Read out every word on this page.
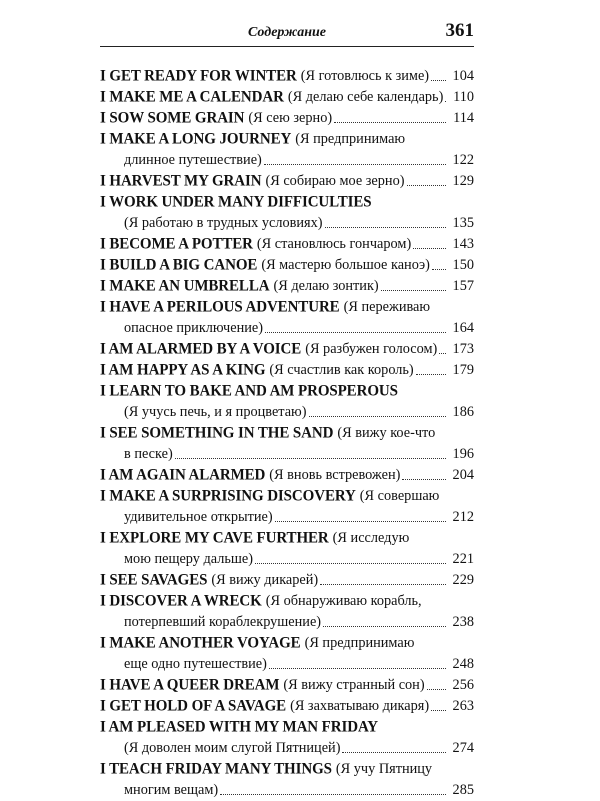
Содержание	361
I GET READY FOR WINTER (Я готовлюсь к зиме)	104
I MAKE ME A CALENDAR (Я делаю себе календарь) 110
I SOW SOME GRAIN (Я сею зерно)	114
I MAKE A LONG JOURNEY (Я предпринимаю
длинное путешествие)	122
I HARVEST MY GRAIN (Я собираю мое зерно)	129
I WORK UNDER MANY DIFFICULTIES
(Я работаю в трудных условиях)	135
I BECOME A POTTER (Я становлюсь гончаром)	143
I BUILD A BIG CANOE (Я мастерю большое каноэ)	150
I MAKE AN UMBRELLA (Я делаю зонтик)	157
I HAVE A PERILOUS ADVENTURE (Я переживаю
опасное приключение)	164
I AM ALARMED BY A VOICE (Я разбужен голосом)	173
I AM HAPPY AS A KING (Я счастлив как король)	179
I LEARN TO BAKE AND AM PROSPEROUS
(Я учусь печь, и я процветаю)	186
I SEE SOMETHING IN THE SAND (Я вижу кое-что
в песке)	196
I AM AGAIN ALARMED (Я вновь встревожен)	204
I MAKE A SURPRISING DISCOVERY (Я совершаю
удивительное открытие)	212
I EXPLORE MY CAVE FURTHER (Я исследую
мою пещеру дальше)	221
I SEE SAVAGES (Я вижу дикарей)	229
I DISCOVER A WRECK (Я обнаруживаю корабль,
потерпевший кораблекрушение)	238
I MAKE ANOTHER VOYAGE (Я предпринимаю
еще одно путешествие)	248
I HAVE A QUEER DREAM (Я вижу странный сон)	256
I GET HOLD OF A SAVAGE (Я захватываю дикаря)	263
I AM PLEASED WITH MY MAN FRIDAY
(Я доволен моим слугой Пятницей)	274
I TEACH FRIDAY MANY THINGS (Я учу Пятницу
многим вещам)	285
